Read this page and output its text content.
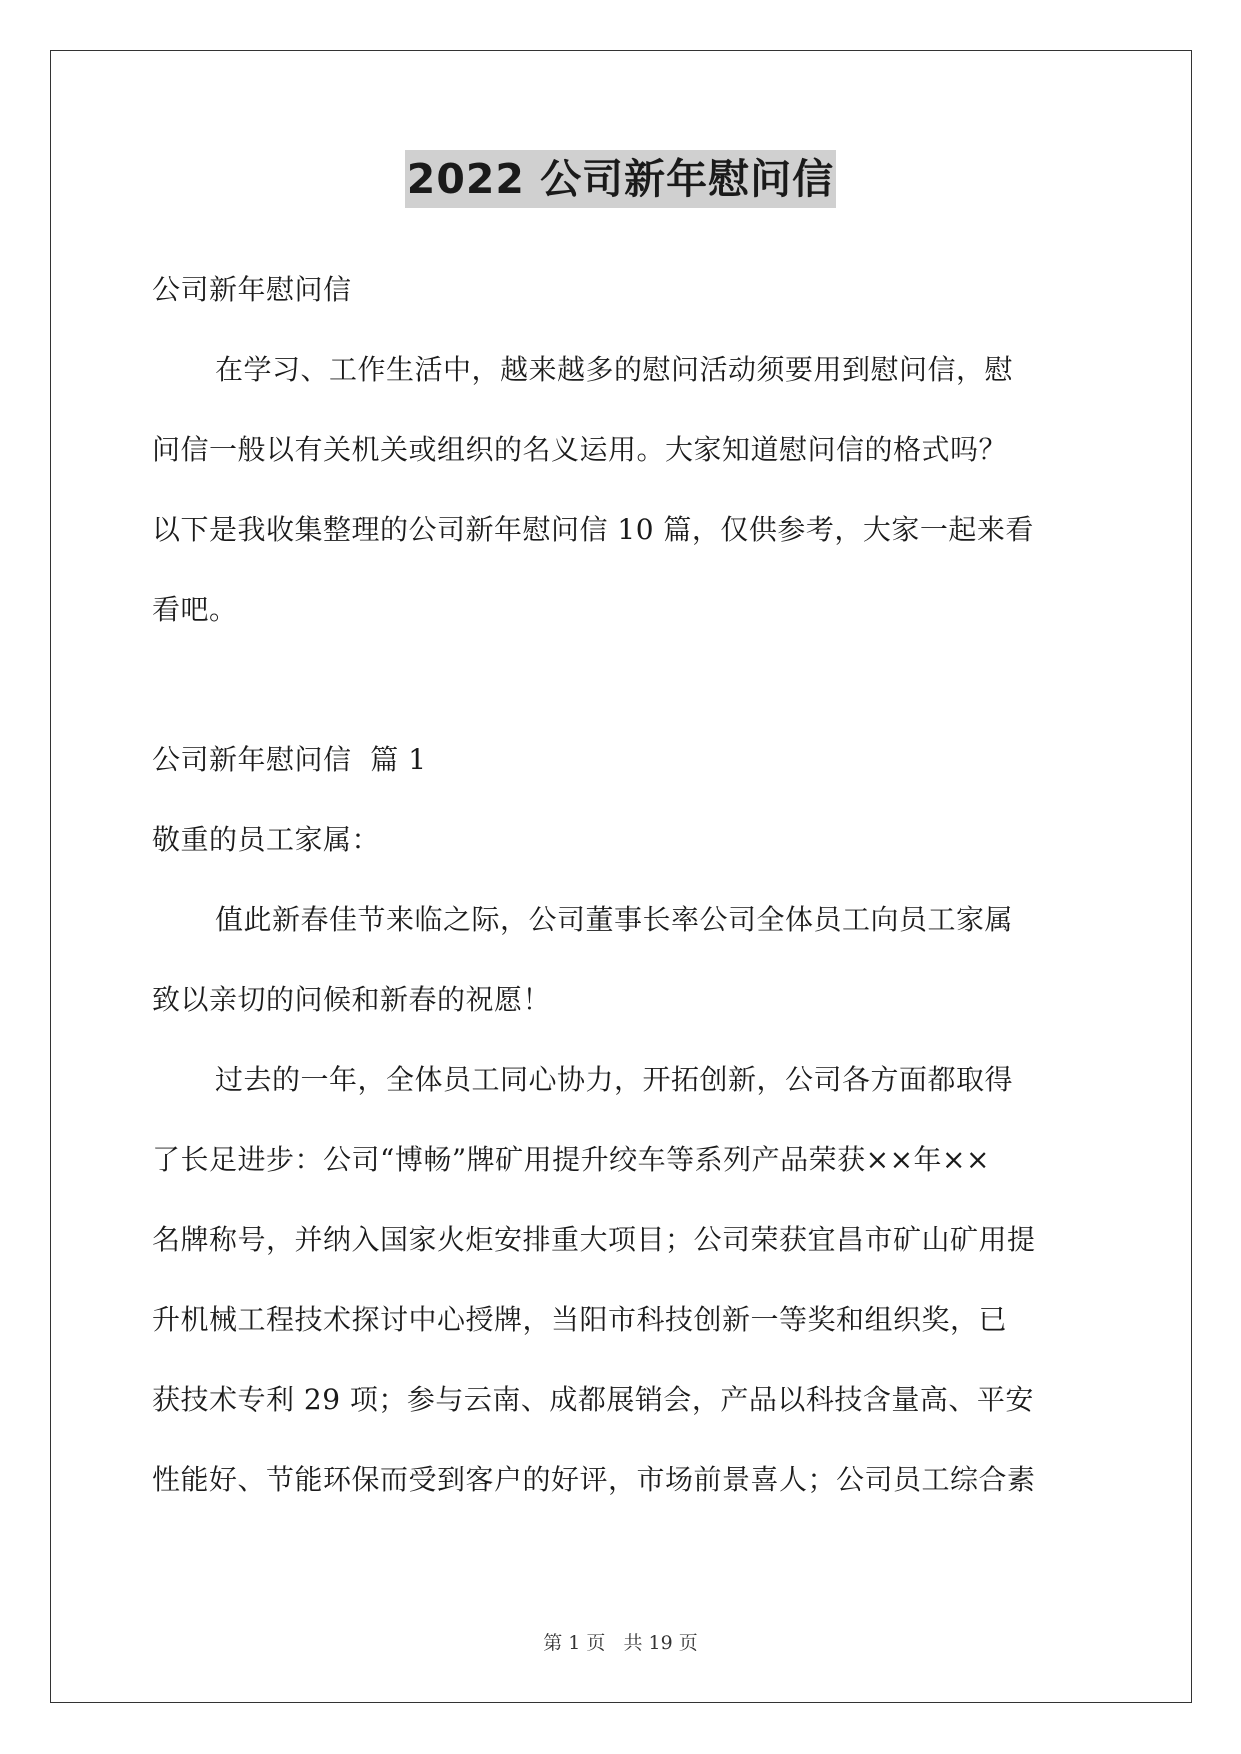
2022 公司新年慰问信

公司新年慰问信

在学习、工作生活中，越来越多的慰问活动须要用到慰问信，慰

问信一般以有关机关或组织的名义运用。大家知道慰问信的格式吗？

以下是我收集整理的公司新年慰问信 10 篇，仅供参考，大家一起来看

看吧。

公司新年慰问信  篇 1

敬重的员工家属：

值此新春佳节来临之际，公司董事长率公司全体员工向员工家属

致以亲切的问候和新春的祝愿！

过去的一年，全体员工同心协力，开拓创新，公司各方面都取得

了长足进步：公司“博畅”牌矿用提升绞车等系列产品荣获××年××

名牌称号，并纳入国家火炬安排重大项目；公司荣获宜昌市矿山矿用提

升机械工程技术探讨中心授牌，当阳市科技创新一等奖和组织奖，已

获技术专利 29 项；参与云南、成都展销会，产品以科技含量高、平安

性能好、节能环保而受到客户的好评，市场前景喜人；公司员工综合素

第 1 页   共 19 页
